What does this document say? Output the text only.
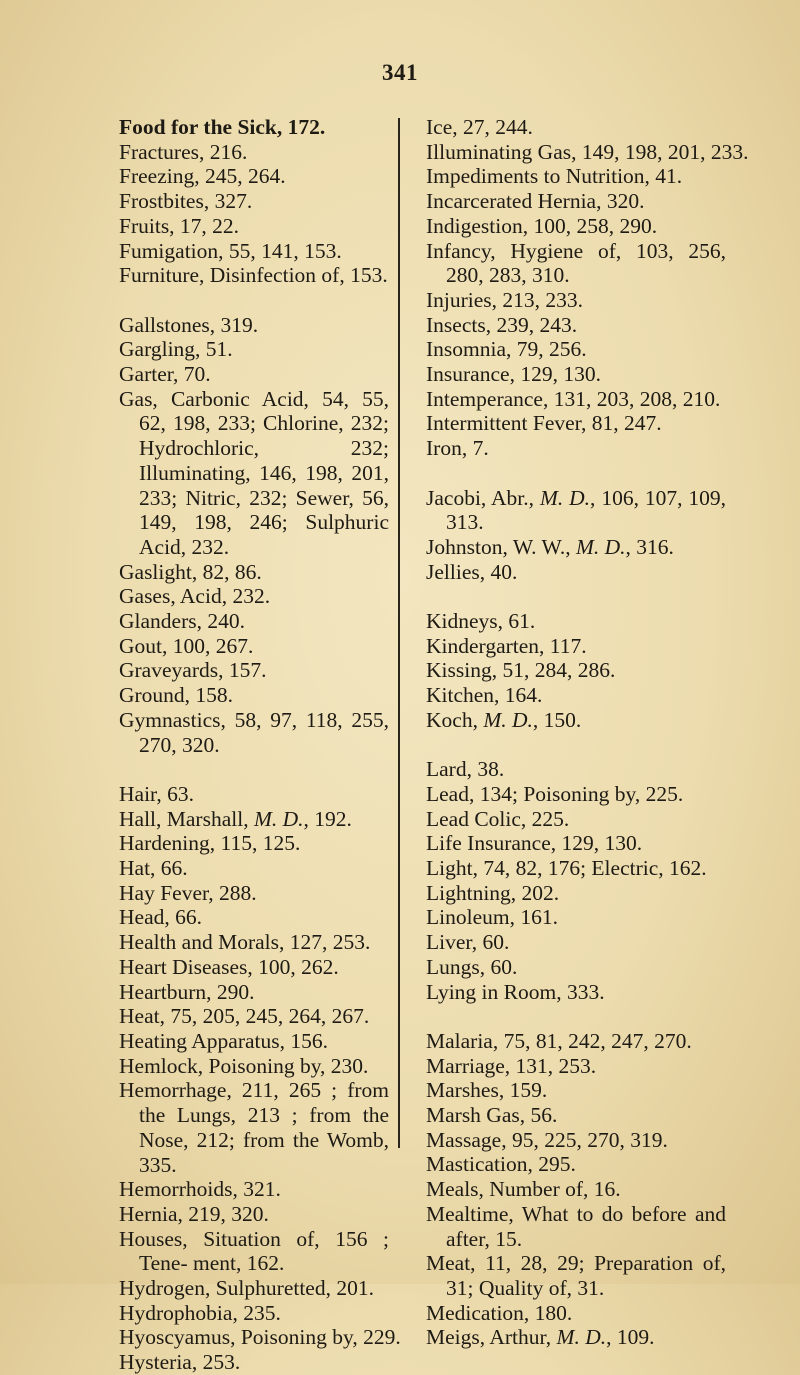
341
Food for the Sick, 172.
Fractures, 216.
Freezing, 245, 264.
Frostbites, 327.
Fruits, 17, 22.
Fumigation, 55, 141, 153.
Furniture, Disinfection of, 153.
Gallstones, 319.
Gargling, 51.
Garter, 70.
Gas, Carbonic Acid, 54, 55, 62, 198, 233; Chlorine, 232; Hydrochloric, 232; Illuminating, 146, 198, 201, 233; Nitric, 232; Sewer, 56, 149, 198, 246; Sulphuric Acid, 232.
Gaslight, 82, 86.
Gases, Acid, 232.
Glanders, 240.
Gout, 100, 267.
Graveyards, 157.
Ground, 158.
Gymnastics, 58, 97, 118, 255, 270, 320.
Hair, 63.
Hall, Marshall, M. D., 192.
Hardening, 115, 125.
Hat, 66.
Hay Fever, 288.
Head, 66.
Health and Morals, 127, 253.
Heart Diseases, 100, 262.
Heartburn, 290.
Heat, 75, 205, 245, 264, 267.
Heating Apparatus, 156.
Hemlock, Poisoning by, 230.
Hemorrhage, 211, 265 ; from the Lungs, 213 ; from the Nose, 212; from the Womb, 335.
Hemorrhoids, 321.
Hernia, 219, 320.
Houses, Situation of, 156 ; Tene- ment, 162.
Hydrogen, Sulphuretted, 201.
Hydrophobia, 235.
Hyoscyamus, Poisoning by, 229.
Hysteria, 253.
Ice, 27, 244.
Illuminating Gas, 149, 198, 201, 233.
Impediments to Nutrition, 41.
Incarcerated Hernia, 320.
Indigestion, 100, 258, 290.
Infancy, Hygiene of, 103, 256, 280, 283, 310.
Injuries, 213, 233.
Insects, 239, 243.
Insomnia, 79, 256.
Insurance, 129, 130.
Intemperance, 131, 203, 208, 210.
Intermittent Fever, 81, 247.
Iron, 7.
Jacobi, Abr., M. D., 106, 107, 109, 313.
Johnston, W. W., M. D., 316.
Jellies, 40.
Kidneys, 61.
Kindergarten, 117.
Kissing, 51, 284, 286.
Kitchen, 164.
Koch, M. D., 150.
Lard, 38.
Lead, 134; Poisoning by, 225.
Lead Colic, 225.
Life Insurance, 129, 130.
Light, 74, 82, 176; Electric, 162.
Lightning, 202.
Linoleum, 161.
Liver, 60.
Lungs, 60.
Lying in Room, 333.
Malaria, 75, 81, 242, 247, 270.
Marriage, 131, 253.
Marshes, 159.
Marsh Gas, 56.
Massage, 95, 225, 270, 319.
Mastication, 295.
Meals, Number of, 16.
Mealtime, What to do before and after, 15.
Meat, 11, 28, 29; Preparation of, 31; Quality of, 31.
Medication, 180.
Meigs, Arthur, M. D., 109.
